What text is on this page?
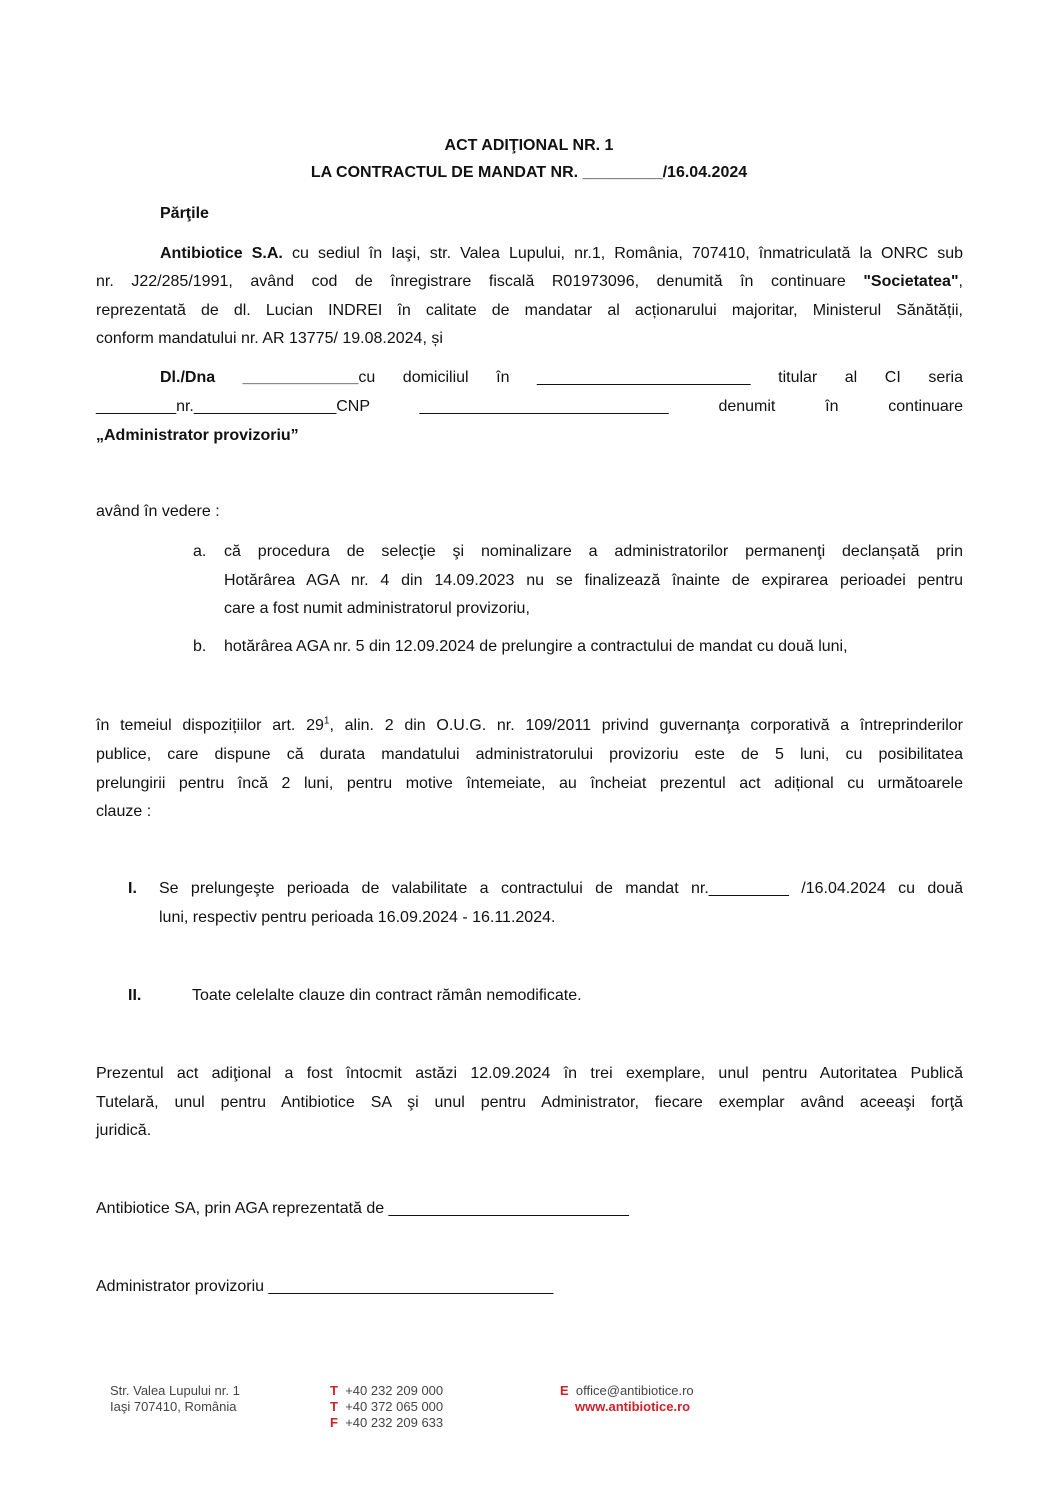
ACT ADIŢIONAL NR. 1
LA CONTRACTUL DE MANDAT NR. _________/16.04.2024
Părţile
Antibiotice S.A. cu sediul în Iaşi, str. Valea Lupului, nr.1, România, 707410, înmatriculată la ONRC sub
nr. J22/285/1991, având cod de înregistrare fiscală R01973096, denumită în continuare "Societatea",
reprezentată de dl. Lucian INDREI în calitate de mandatar al acționarului majoritar, Ministerul Sănătății,
conform mandatului nr. AR 13775/ 19.08.2024, și
Dl./Dna _____________cu domiciliul în ________________________ titular al CI seria
_________nr.________________CNP ____________________________ denumit în continuare
„Administrator provizoriu”
având în vedere :
a. că procedura de selecţie şi nominalizare a administratorilor permanenţi declanșată prin
Hotărârea AGA nr. 4 din 14.09.2023 nu se finalizează înainte de expirarea perioadei pentru
care a fost numit administratorul provizoriu,
b. hotărârea AGA nr. 5 din 12.09.2024 de prelungire a contractului de mandat cu două luni,
în temeiul dispozițiilor art. $29^1$, alin. 2 din O.U.G. nr. 109/2011 privind guvernanţa corporativă a întreprinderilor
publice, care dispune că durata mandatului administratorului provizoriu este de 5 luni, cu posibilitatea
prelungirii pentru încă 2 luni, pentru motive întemeiate, au încheiat prezentul act adițional cu următoarele
clauze :
I. Se prelungeşte perioada de valabilitate a contractului de mandat nr._________ /16.04.2024 cu două
luni, respectiv pentru perioada 16.09.2024 - 16.11.2024.
II.	Toate celelalte clauze din contract rămân nemodificate.
Prezentul act adiţional a fost întocmit astăzi 12.09.2024 în trei exemplare, unul pentru Autoritatea Publică
Tutelară, unul pentru Antibiotice SA şi unul pentru Administrator, fiecare exemplar având aceeaşi forţă
juridică.
Antibiotice SA, prin AGA reprezentată de ___________________________
Administrator provizoriu ________________________________
Str. Valea Lupului nr. 1
Iaşi 707410, România
T +40 232 209 000
T +40 372 065 000
F +40 232 209 633
E office@antibiotice.ro
www.antibiotice.ro
